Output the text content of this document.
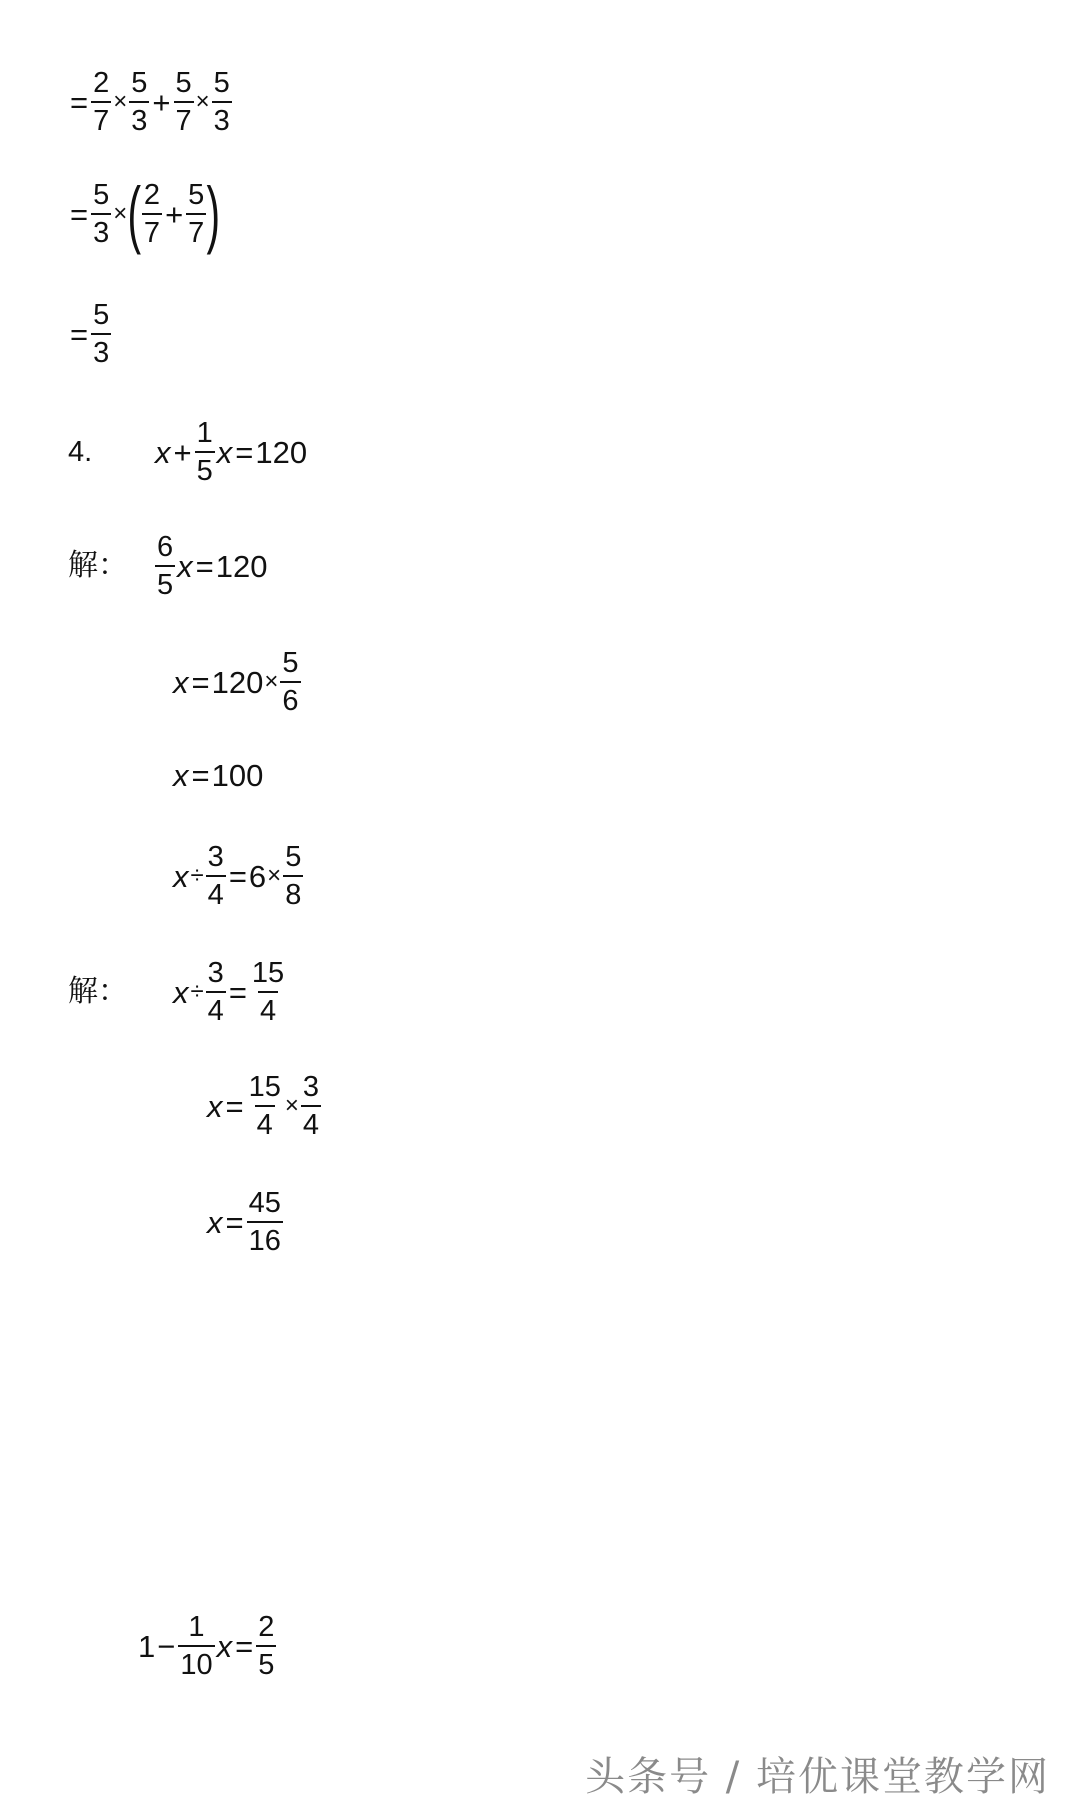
= $\frac{2}{7} \times \frac{5}{3} + \frac{5}{7} \times \frac{5}{3}$
= $\frac{5}{3}$ × ( $\frac{2}{7} + \frac{5}{7}$ )
= $\frac{5}{3}$
4.	$x + \frac{1}{5}$ x = 120
解： $\frac{6}{5}$ x = 120
$x = 120 \times \frac{5}{6}$
x = 100
$x \div \frac{3}{4} = 6 \times \frac{5}{8}$
解：	$x \div \frac{3}{4} = \frac{15}{4}$
$x = \frac{15}{4} \times \frac{3}{4}$
$x = \frac{45}{16}$
$1 - \frac{1}{10}$ $x = \frac{2}{5}$
头条号 / 培优课堂教学网
